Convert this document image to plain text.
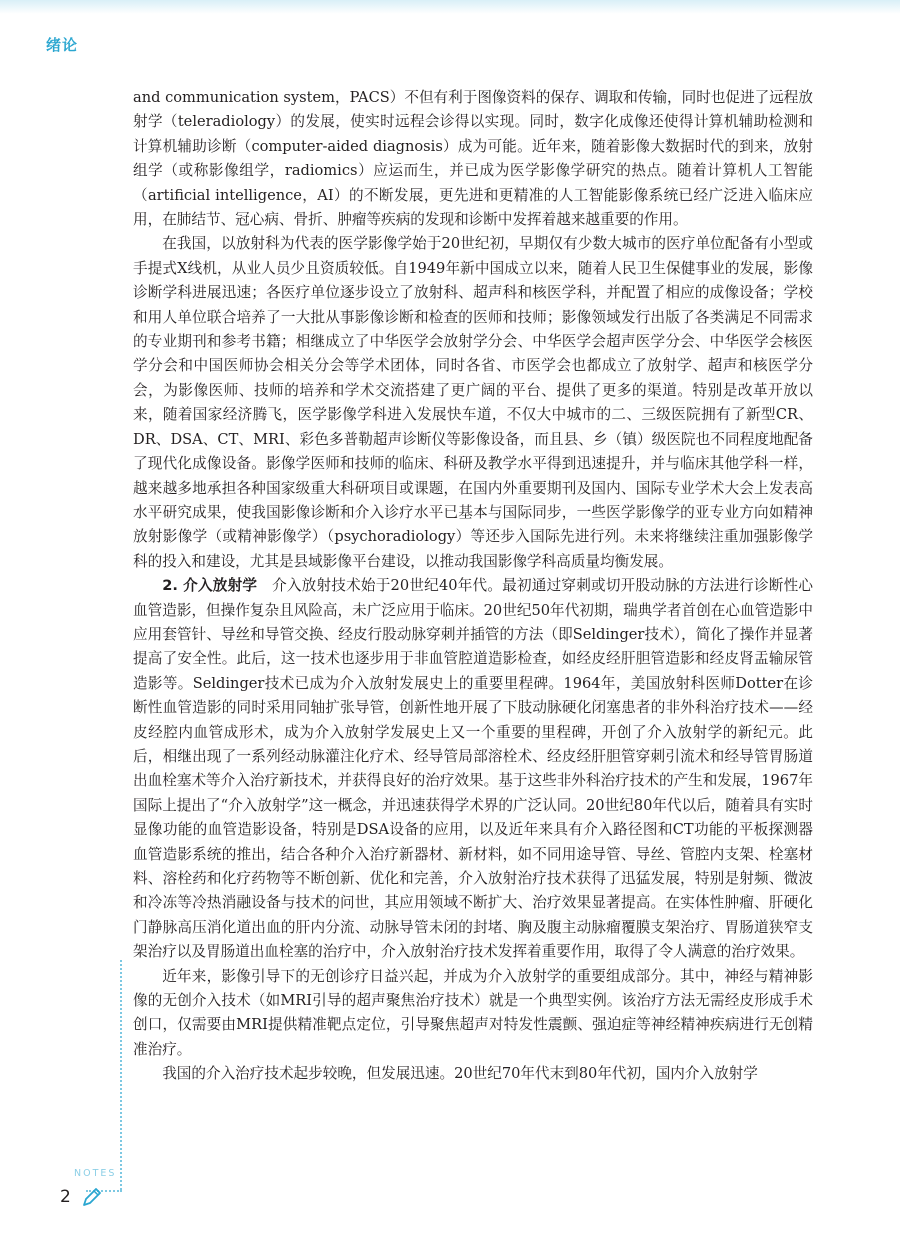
绪论

and communication system，PACS）不但有利于图像资料的保存、调取和传输，同时也促进了远程放射学（teleradiology）的发展，使实时远程会诊得以实现。同时，数字化成像还使得计算机辅助检测和计算机辅助诊断（computer-aided diagnosis）成为可能。近年来，随着影像大数据时代的到来，放射组学（或称影像组学，radiomics）应运而生，并已成为医学影像学研究的热点。随着计算机人工智能（artificial intelligence，AI）的不断发展，更先进和更精准的人工智能影像系统已经广泛进入临床应用，在肺结节、冠心病、骨折、肿瘤等疾病的发现和诊断中发挥着越来越重要的作用。

在我国，以放射科为代表的医学影像学始于20世纪初，早期仅有少数大城市的医疗单位配备有小型或手提式X线机，从业人员少且资质较低。自1949年新中国成立以来，随着人民卫生保健事业的发展，影像诊断学科进展迅速；各医疗单位逐步设立了放射科、超声科和核医学科，并配置了相应的成像设备；学校和用人单位联合培养了一大批从事影像诊断和检查的医师和技师；影像领域发行出版了各类满足不同需求的专业期刊和参考书籍；相继成立了中华医学会放射学分会、中华医学会超声医学分会、中华医学会核医学分会和中国医师协会相关分会等学术团体，同时各省、市医学会也都成立了放射学、超声和核医学分会，为影像医师、技师的培养和学术交流搭建了更广阔的平台、提供了更多的渠道。特别是改革开放以来，随着国家经济腾飞，医学影像学科进入发展快车道，不仅大中城市的二、三级医院拥有了新型CR、DR、DSA、CT、MRI、彩色多普勒超声诊断仪等影像设备，而且县、乡（镇）级医院也不同程度地配备了现代化成像设备。影像学医师和技师的临床、科研及教学水平得到迅速提升，并与临床其他学科一样，越来越多地承担各种国家级重大科研项目或课题，在国内外重要期刊及国内、国际专业学术大会上发表高水平研究成果，使我国影像诊断和介入诊疗水平已基本与国际同步，一些医学影像学的亚专业方向如精神放射影像学（或精神影像学）（psychoradiology）等还步入国际先进行列。未来将继续注重加强影像学科的投入和建设，尤其是县域影像平台建设，以推动我国影像学科高质量均衡发展。

2. 介入放射学　 介入放射技术始于20世纪40年代。最初通过穿刺或切开股动脉的方法进行诊断性心血管造影，但操作复杂且风险高，未广泛应用于临床。20世纪50年代初期，瑞典学者首创在心血管造影中应用套管针、导丝和导管交换、经皮行股动脉穿刺并插管的方法（即Seldinger技术），简化了操作并显著提高了安全性。此后，这一技术也逐步用于非血管腔道造影检查，如经皮经肝胆管造影和经皮肾盂输尿管造影等。Seldinger技术已成为介入放射发展史上的重要里程碑。1964年，美国放射科医师Dotter在诊断性血管造影的同时采用同轴扩张导管，创新性地开展了下肢动脉硬化闭塞患者的非外科治疗技术——经皮经腔内血管成形术，成为介入放射学发展史上又一个重要的里程碑，开创了介入放射学的新纪元。此后，相继出现了一系列经动脉灌注化疗术、经导管局部溶栓术、经皮经肝胆管穿刺引流术和经导管胃肠道出血栓塞术等介入治疗新技术，并获得良好的治疗效果。基于这些非外科治疗技术的产生和发展，1967年国际上提出了“介入放射学”这一概念，并迅速获得学术界的广泛认同。20世纪80年代以后，随着具有实时显像功能的血管造影设备，特别是DSA设备的应用，以及近年来具有介入路径图和CT功能的平板探测器血管造影系统的推出，结合各种介入治疗新器材、新材料，如不同用途导管、导丝、管腔内支架、栓塞材料、溶栓药和化疗药物等不断创新、优化和完善，介入放射治疗技术获得了迅猛发展，特别是射频、微波和冷冻等冷热消融设备与技术的问世，其应用领域不断扩大、治疗效果显著提高。在实体性肿瘤、肝硬化门静脉高压消化道出血的肝内分流、动脉导管未闭的封堵、胸及腹主动脉瘤覆膜支架治疗、胃肠道狭窄支架治疗以及胃肠道出血栓塞的治疗中，介入放射治疗技术发挥着重要作用，取得了令人满意的治疗效果。

近年来，影像引导下的无创诊疗日益兴起，并成为介入放射学的重要组成部分。其中，神经与精神影像的无创介入技术（如MRI引导的超声聚焦治疗技术）就是一个典型实例。该治疗方法无需经皮形成手术创口，仅需要由MRI提供精准靶点定位，引导聚焦超声对特发性震颤、强迫症等神经精神疾病进行无创精准治疗。

我国的介入治疗技术起步较晚，但发展迅速。20世纪70年代末到80年代初，国内介入放射学

NOTES
2
